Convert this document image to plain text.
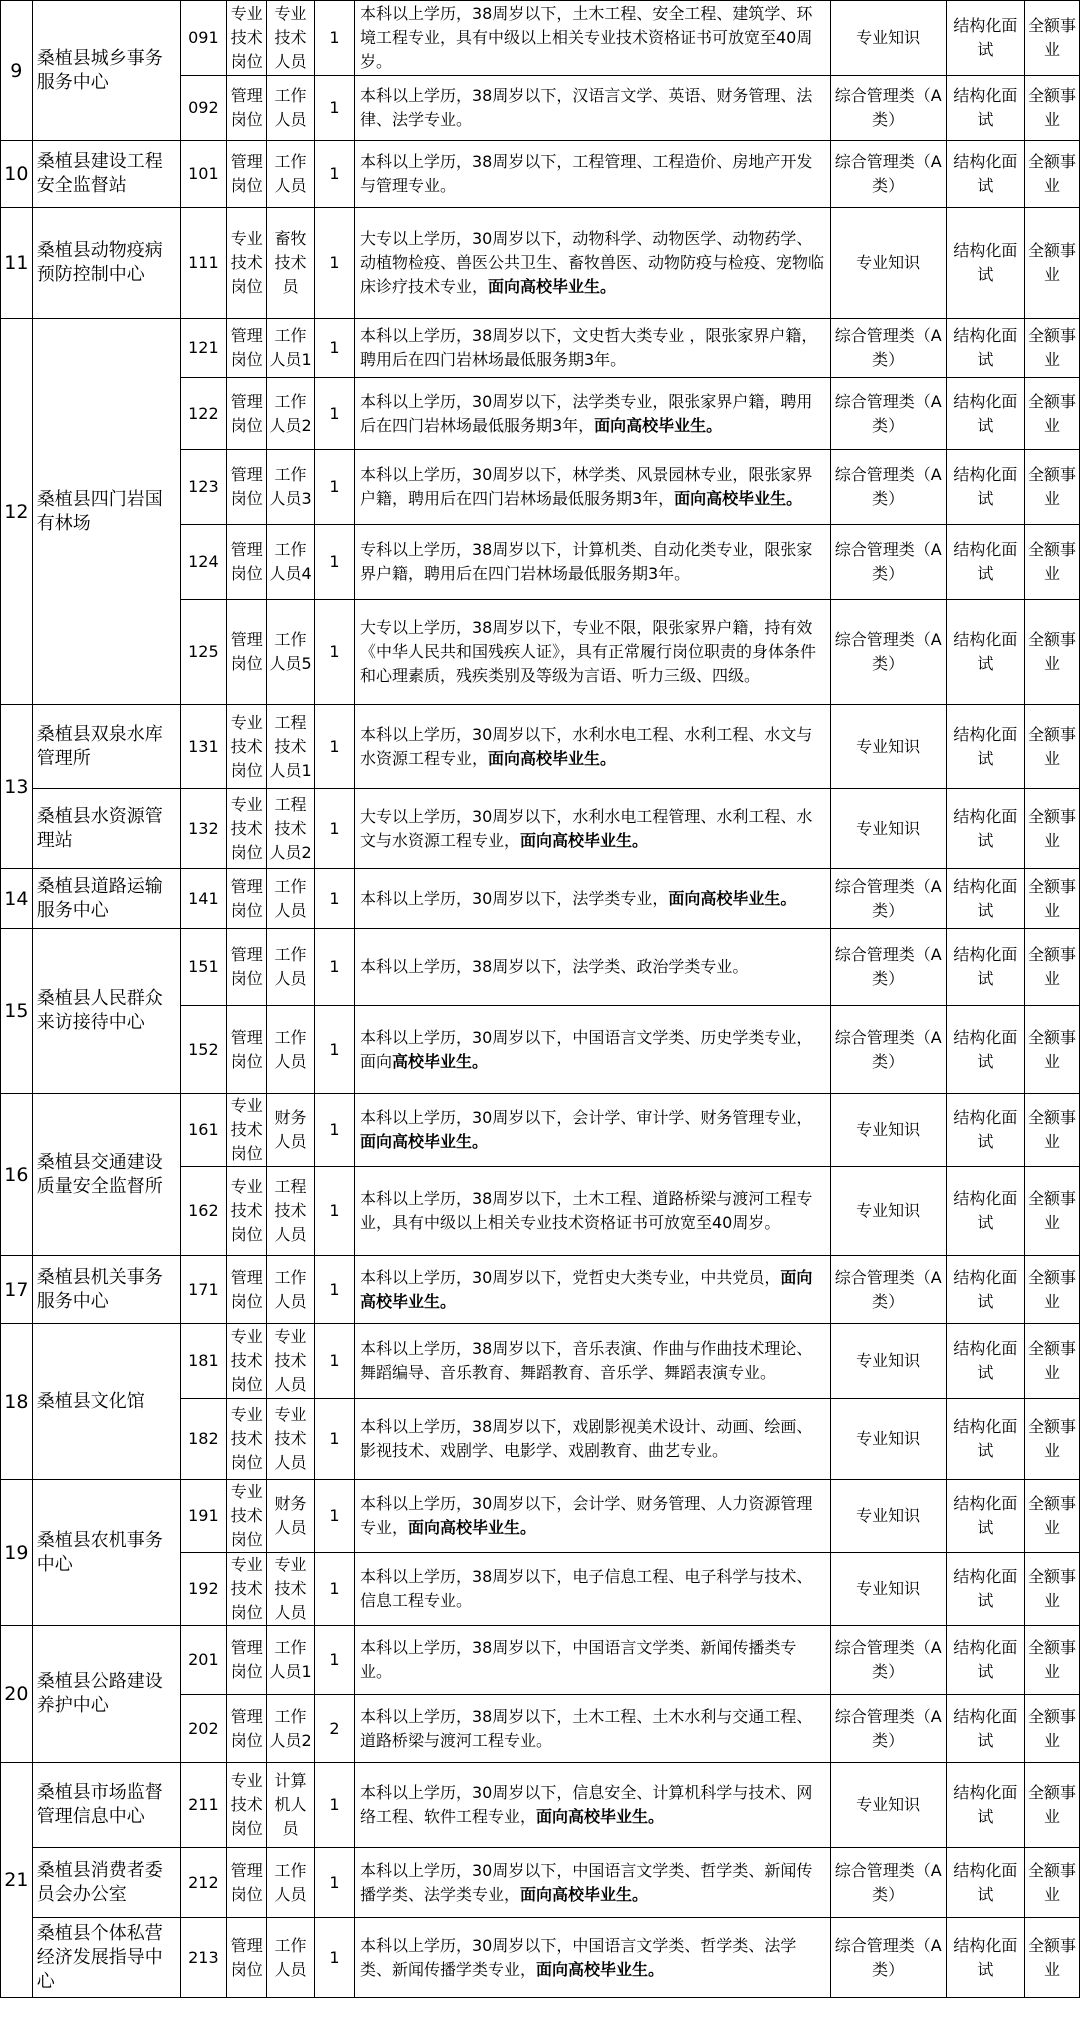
9	桑植县城乡事务服务中心	091	专业技术岗位	专业技术人员	1	本科以上学历，38周岁以下，土木工程、安全工程、建筑学、环境工程专业，具有中级以上相关专业技术资格证书可放宽至40周岁。	专业知识	结构化面试	全额事业
		092	管理岗位	工作人员	1	本科以上学历，38周岁以下，汉语言文学、英语、财务管理、法律、法学专业。	综合管理类（A 类）	结构化面试	全额事业
10	桑植县建设工程安全监督站	101	管理岗位	工作人员	1	本科以上学历，38周岁以下，工程管理、工程造价、房地产开发与管理专业。	综合管理类（A 类）	结构化面试	全额事业
11	桑植县动物疫病预防控制中心	111	专业技术岗位	畜牧技术员	1	大专以上学历，30周岁以下，动物科学、动物医学、动物药学、动植物检疫、兽医公共卫生、畜牧兽医、动物防疫与检疫、宠物临床诊疗技术专业，面向高校毕业生。	专业知识	结构化面试	全额事业
12	桑植县四门岩国有林场	121	管理岗位	工作人员1	1	本科以上学历，38周岁以下，文史哲大类专业 ，限张家界户籍，聘用后在四门岩林场最低服务期3年。	综合管理类（A 类）	结构化面试	全额事业
		122	管理岗位	工作人员2	1	本科以上学历，30周岁以下，法学类专业，限张家界户籍，聘用后在四门岩林场最低服务期3年，面向高校毕业生。	综合管理类（A 类）	结构化面试	全额事业
		123	管理岗位	工作人员3	1	本科以上学历，30周岁以下，林学类、风景园林专业，限张家界户籍，聘用后在四门岩林场最低服务期3年，面向高校毕业生。	综合管理类（A 类）	结构化面试	全额事业
		124	管理岗位	工作人员4	1	专科以上学历，38周岁以下，计算机类、自动化类专业，限张家界户籍，聘用后在四门岩林场最低服务期3年。	综合管理类（A 类）	结构化面试	全额事业
		125	管理岗位	工作人员5	1	大专以上学历，38周岁以下，专业不限，限张家界户籍，持有效《中华人民共和国残疾人证》，具有正常履行岗位职责的身体条件和心理素质，残疾类别及等级为言语、听力三级、四级。	综合管理类（A 类）	结构化面试	全额事业
13	桑植县双泉水库管理所	131	专业技术岗位	工程技术人员1	1	本科以上学历，30周岁以下，水利水电工程、水利工程、水文与水资源工程专业，面向高校毕业生。	专业知识	结构化面试	全额事业
	桑植县水资源管理站	132	专业技术岗位	工程技术人员2	1	大专以上学历，30周岁以下，水利水电工程管理、水利工程、水文与水资源工程专业，面向高校毕业生。	专业知识	结构化面试	全额事业
14	桑植县道路运输服务中心	141	管理岗位	工作人员	1	本科以上学历，30周岁以下，法学类专业，面向高校毕业生。	综合管理类（A 类）	结构化面试	全额事业
15	桑植县人民群众来访接待中心	151	管理岗位	工作人员	1	本科以上学历，38周岁以下，法学类、政治学类专业。	综合管理类（A 类）	结构化面试	全额事业
		152	管理岗位	工作人员	1	本科以上学历，30周岁以下，中国语言文学类、历史学类专业，面向高校毕业生。	综合管理类（A 类）	结构化面试	全额事业
16	桑植县交通建设质量安全监督所	161	专业技术岗位	财务人员	1	本科以上学历，30周岁以下，会计学、审计学、财务管理专业，面向高校毕业生。	专业知识	结构化面试	全额事业
		162	专业技术岗位	工程技术人员	1	本科以上学历，38周岁以下，土木工程、道路桥梁与渡河工程专业，具有中级以上相关专业技术资格证书可放宽至40周岁。	专业知识	结构化面试	全额事业
17	桑植县机关事务服务中心	171	管理岗位	工作人员	1	本科以上学历，30周岁以下，党哲史大类专业，中共党员，面向高校毕业生。	综合管理类（A 类）	结构化面试	全额事业
18	桑植县文化馆	181	专业技术岗位	专业技术人员	1	本科以上学历，38周岁以下，音乐表演、作曲与作曲技术理论、舞蹈编导、音乐教育、舞蹈教育、音乐学、舞蹈表演专业。	专业知识	结构化面试	全额事业
		182	专业技术岗位	专业技术人员	1	本科以上学历，38周岁以下，戏剧影视美术设计、动画、绘画、影视技术、戏剧学、电影学、戏剧教育、曲艺专业。	专业知识	结构化面试	全额事业
19	桑植县农机事务中心	191	专业技术岗位	财务人员	1	本科以上学历，30周岁以下，会计学、财务管理、人力资源管理专业，面向高校毕业生。	专业知识	结构化面试	全额事业
		192	专业技术岗位	专业技术人员	1	本科以上学历，38周岁以下，电子信息工程、电子科学与技术、信息工程专业。	专业知识	结构化面试	全额事业
20	桑植县公路建设养护中心	201	管理岗位	工作人员1	1	本科以上学历，38周岁以下，中国语言文学类、新闻传播类专业。	综合管理类（A 类）	结构化面试	全额事业
		202	管理岗位	工作人员2	2	本科以上学历，38周岁以下，土木工程、土木水利与交通工程、道路桥梁与渡河工程专业。	综合管理类（A 类）	结构化面试	全额事业
21	桑植县市场监督管理信息中心	211	专业技术岗位	计算机人员	1	本科以上学历，30周岁以下，信息安全、计算机科学与技术、网络工程、软件工程专业，面向高校毕业生。	专业知识	结构化面试	全额事业
	桑植县消费者委员会办公室	212	管理岗位	工作人员	1	本科以上学历，30周岁以下，中国语言文学类、哲学类、新闻传播学类、法学类专业，面向高校毕业生。	综合管理类（A 类）	结构化面试	全额事业
	桑植县个体私营经济发展指导中心	213	管理岗位	工作人员	1	本科以上学历，30周岁以下，中国语言文学类、哲学类、法学类、新闻传播学类专业，面向高校毕业生。	综合管理类（A 类）	结构化面试	全额事业
